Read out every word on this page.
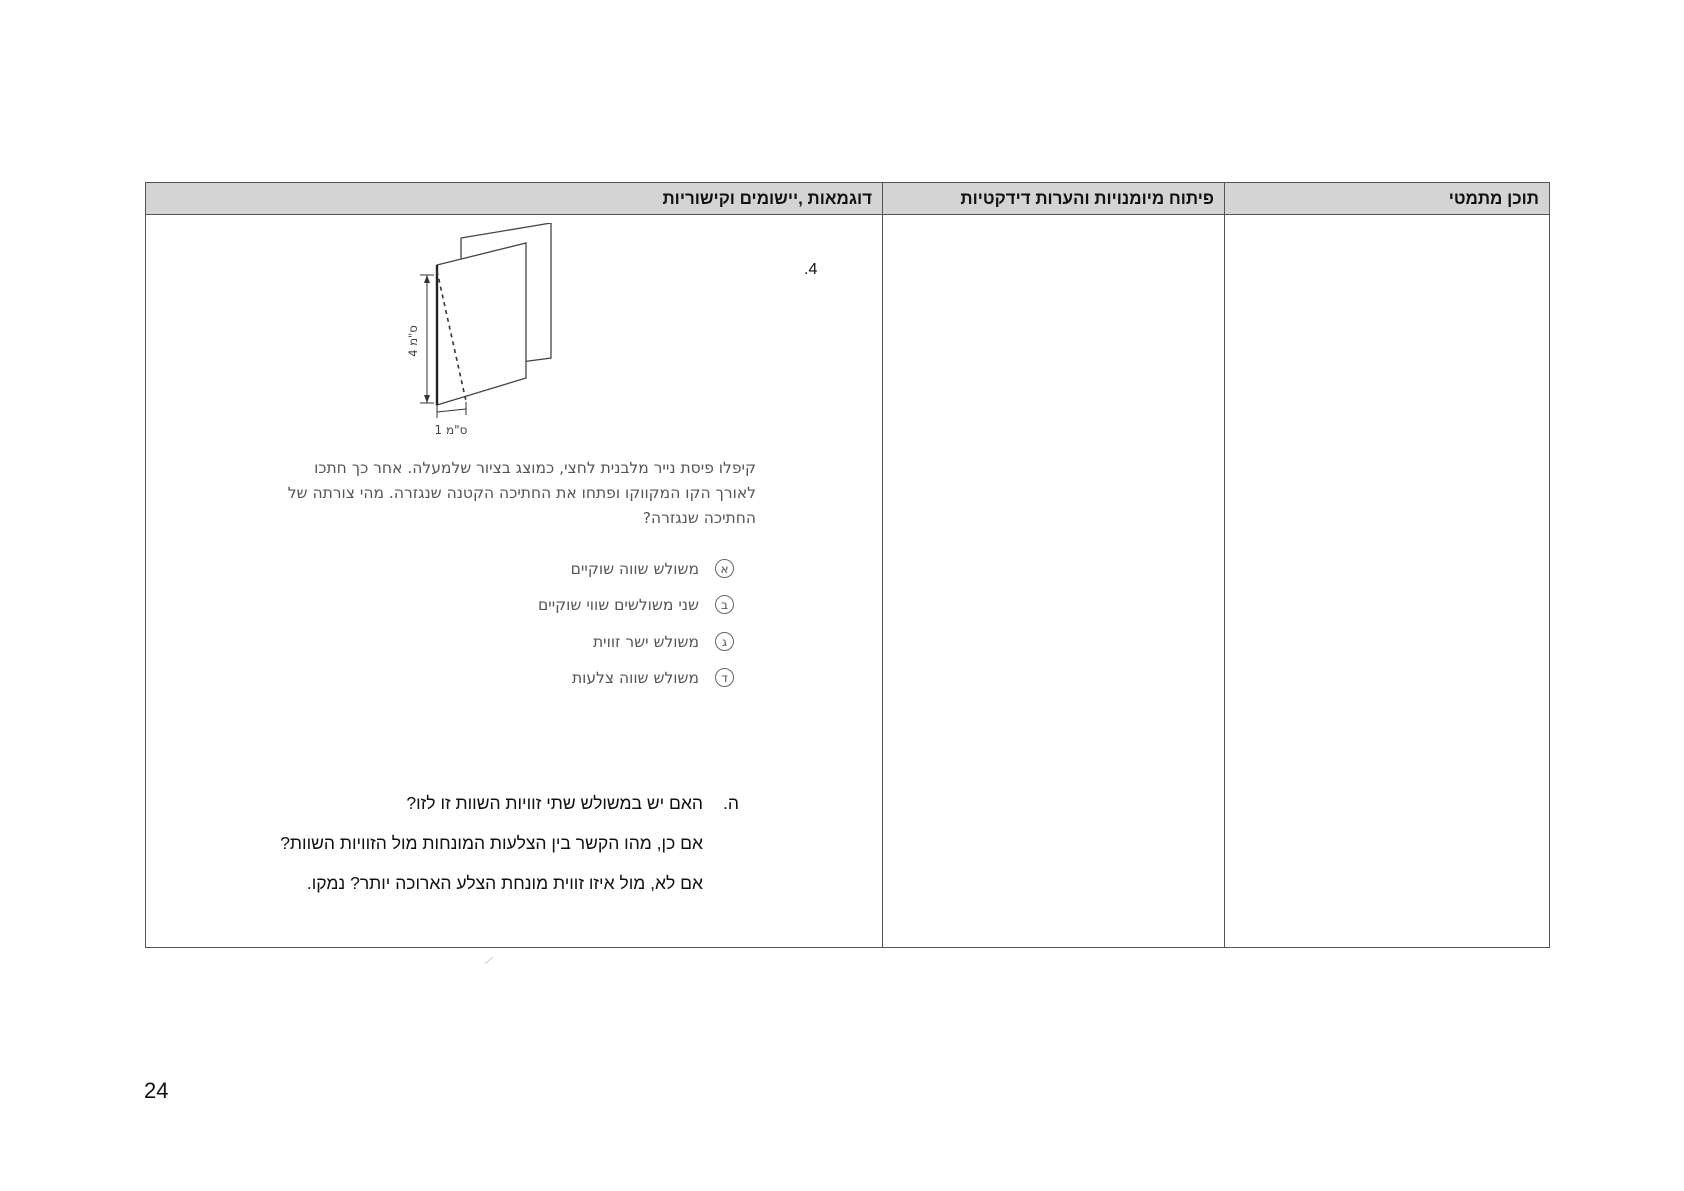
דוגמאות ,יישומים וקישוריות	פיתוח מיומנויות והערות דידקטיות	תוכן מתמטי
.4
4 ס"מ
1 ס"מ
קיפלו פיסת נייר מלבנית לחצי, כמוצג בציור שלמעלה. אחר כך חתכו
לאורך הקו המקווקו ופתחו את החתיכה הקטנה שנגזרה. מהי צורתה של
החתיכה שנגזרה?
א
משולש שווה שוקיים
ב
שני משולשים שווי שוקיים
ג
משולש ישר זווית
ד
משולש שווה צלעות
ה.
האם יש במשולש שתי זוויות השוות זו לזו?
אם כן, מהו הקשר בין הצלעות המונחות מול הזוויות השוות?
אם לא, מול איזו זווית מונחת הצלע הארוכה יותר? נמקו.
24
